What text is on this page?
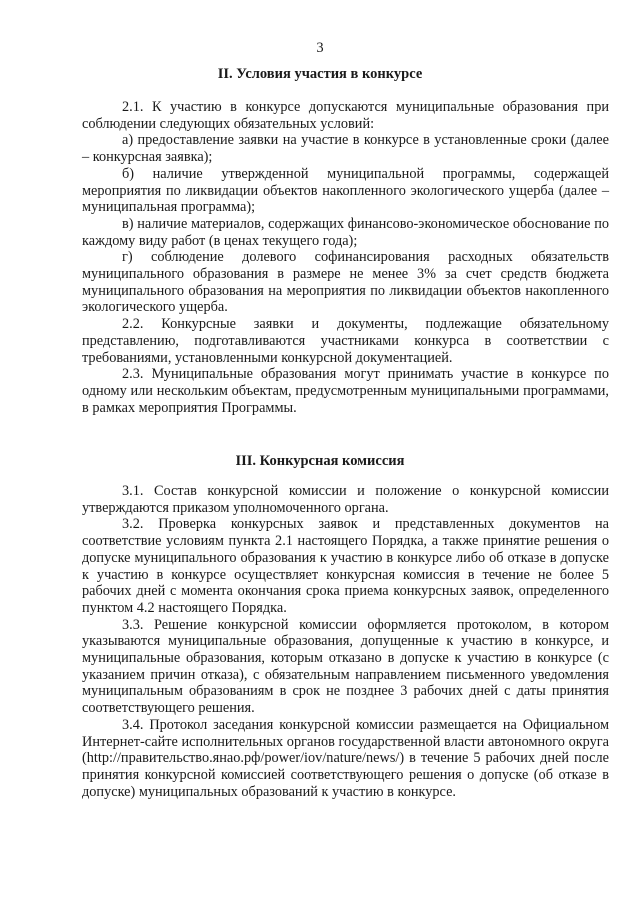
3
II. Условия участия в конкурсе

2.1. К участию в конкурсе допускаются муниципальные образования при соблюдении следующих обязательных условий:

а) предоставление заявки на участие в конкурсе в установленные сроки (далее – конкурсная заявка);

б) наличие утвержденной муниципальной программы, содержащей мероприятия по ликвидации объектов накопленного экологического ущерба (далее – муниципальная программа);

в) наличие материалов, содержащих финансово-экономическое обоснование по каждому виду работ (в ценах текущего года);

г) соблюдение долевого софинансирования расходных обязательств муниципального образования в размере не менее 3% за счет средств бюджета муниципального образования на мероприятия по ликвидации объектов накопленного экологического ущерба.

2.2. Конкурсные заявки и документы, подлежащие обязательному представлению, подготавливаются участниками конкурса в соответствии с требованиями, установленными конкурсной документацией.

2.3. Муниципальные образования могут принимать участие в конкурсе по одному или нескольким объектам, предусмотренным муниципальными программами, в рамках мероприятия Программы.

III. Конкурсная комиссия

3.1. Состав конкурсной комиссии и положение о конкурсной комиссии утверждаются приказом уполномоченного органа.

3.2. Проверка конкурсных заявок и представленных документов на соответствие условиям пункта 2.1 настоящего Порядка, а также принятие решения о допуске муниципального образования к участию в конкурсе либо об отказе в допуске к участию в конкурсе осуществляет конкурсная комиссия в течение не более 5 рабочих дней с момента окончания срока приема конкурсных заявок, определенного пунктом 4.2 настоящего Порядка.

3.3. Решение конкурсной комиссии оформляется протоколом, в котором указываются муниципальные образования, допущенные к участию в конкурсе, и муниципальные образования, которым отказано в допуске к участию в конкурсе (с указанием причин отказа), с обязательным направлением письменного уведомления муниципальным образованиям в срок не позднее 3 рабочих дней с даты принятия соответствующего решения.

3.4. Протокол заседания конкурсной комиссии размещается на Официальном Интернет-сайте исполнительных органов государственной власти автономного округа (http://правительство.янао.рф/power/iov/nature/news/) в течение 5 рабочих дней после принятия конкурсной комиссией соответствующего решения о допуске (об отказе в допуске) муниципальных образований к участию в конкурсе.
